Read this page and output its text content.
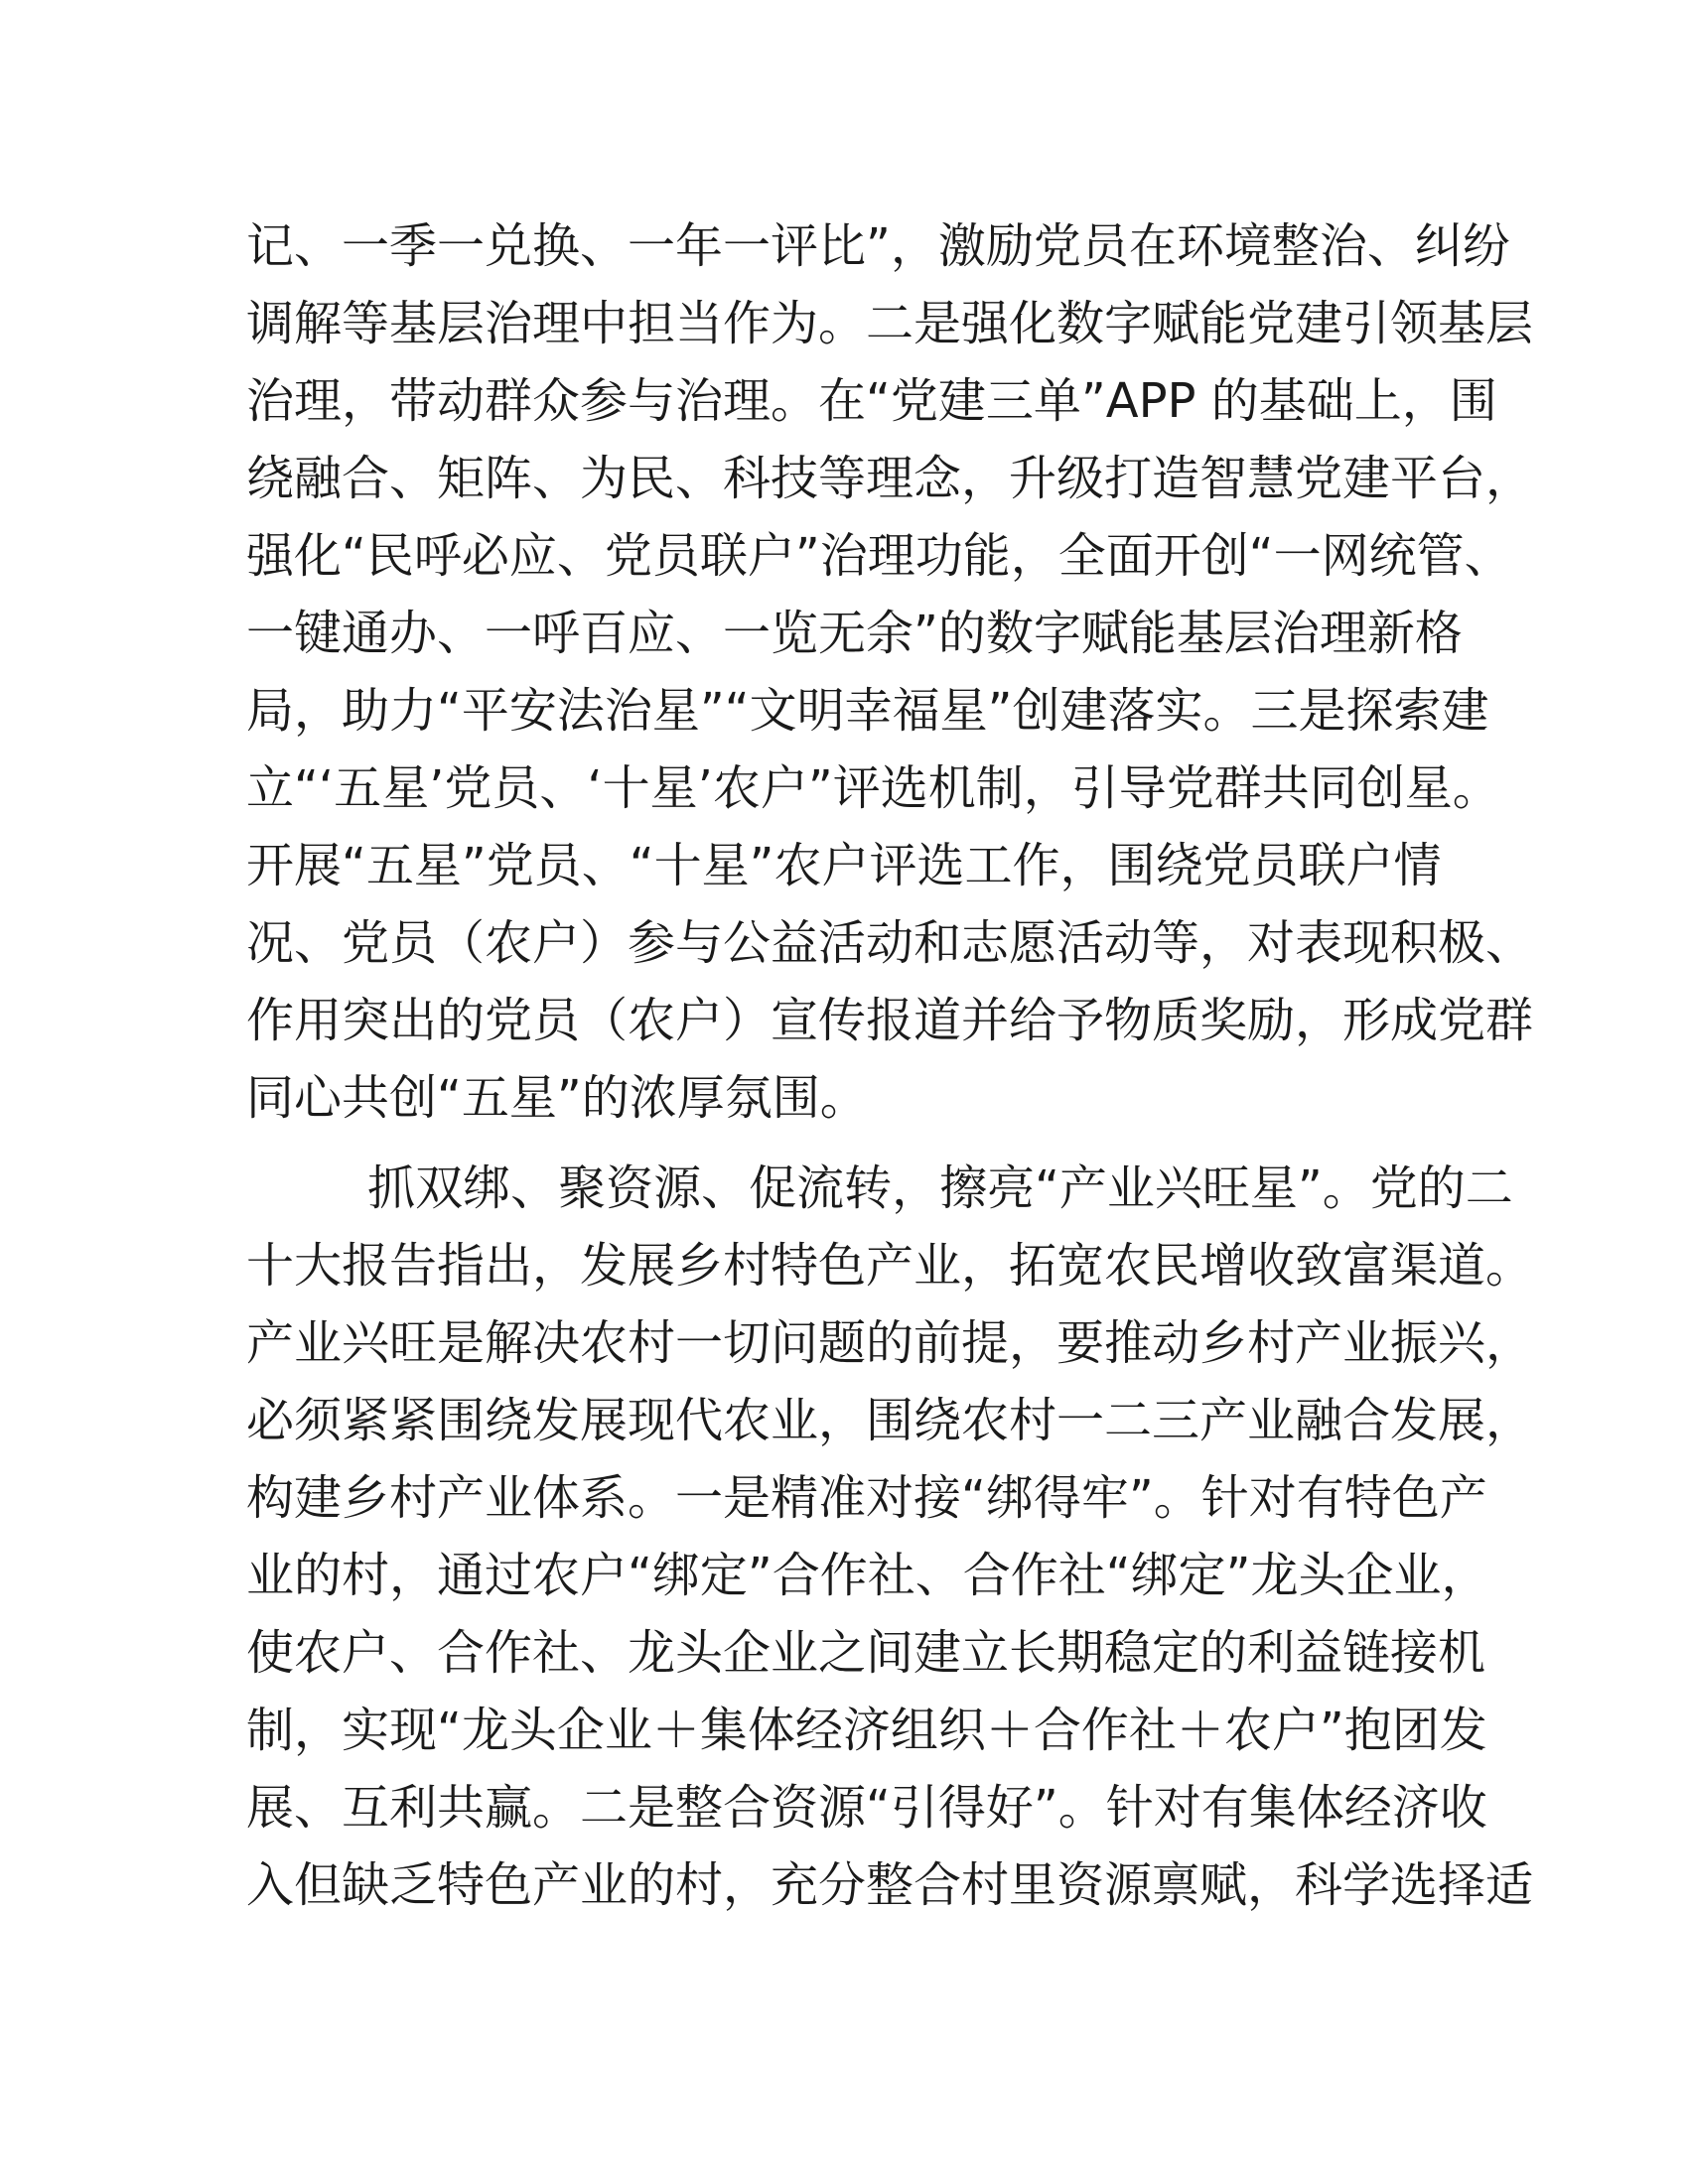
记、一季一兑换、一年一评比”，激励党员在环境整治、纠纷
调解等基层治理中担当作为。二是强化数字赋能党建引领基层
治理，带动群众参与治理。在“党建三单”APP 的基础上，围
绕融合、矩阵、为民、科技等理念，升级打造智慧党建平台，
强化“民呼必应、党员联户”治理功能，全面开创“一网统管、
一键通办、一呼百应、一览无余”的数字赋能基层治理新格
局，助力“平安法治星”“文明幸福星”创建落实。三是探索建
立“‘五星’党员、‘十星’农户”评选机制，引导党群共同创星。
开展“五星”党员、“十星”农户评选工作，围绕党员联户情
况、党员（农户）参与公益活动和志愿活动等，对表现积极、
作用突出的党员（农户）宣传报道并给予物质奖励，形成党群
同心共创“五星”的浓厚氛围。
抓双绑、聚资源、促流转，擦亮“产业兴旺星”。党的二
十大报告指出，发展乡村特色产业，拓宽农民增收致富渠道。
产业兴旺是解决农村一切问题的前提，要推动乡村产业振兴，
必须紧紧围绕发展现代农业，围绕农村一二三产业融合发展，
构建乡村产业体系。一是精准对接“绑得牢”。针对有特色产
业的村，通过农户“绑定”合作社、合作社“绑定”龙头企业，
使农户、合作社、龙头企业之间建立长期稳定的利益链接机
制，实现“龙头企业＋集体经济组织＋合作社＋农户”抱团发
展、互利共赢。二是整合资源“引得好”。针对有集体经济收
入但缺乏特色产业的村，充分整合村里资源禀赋，科学选择适
